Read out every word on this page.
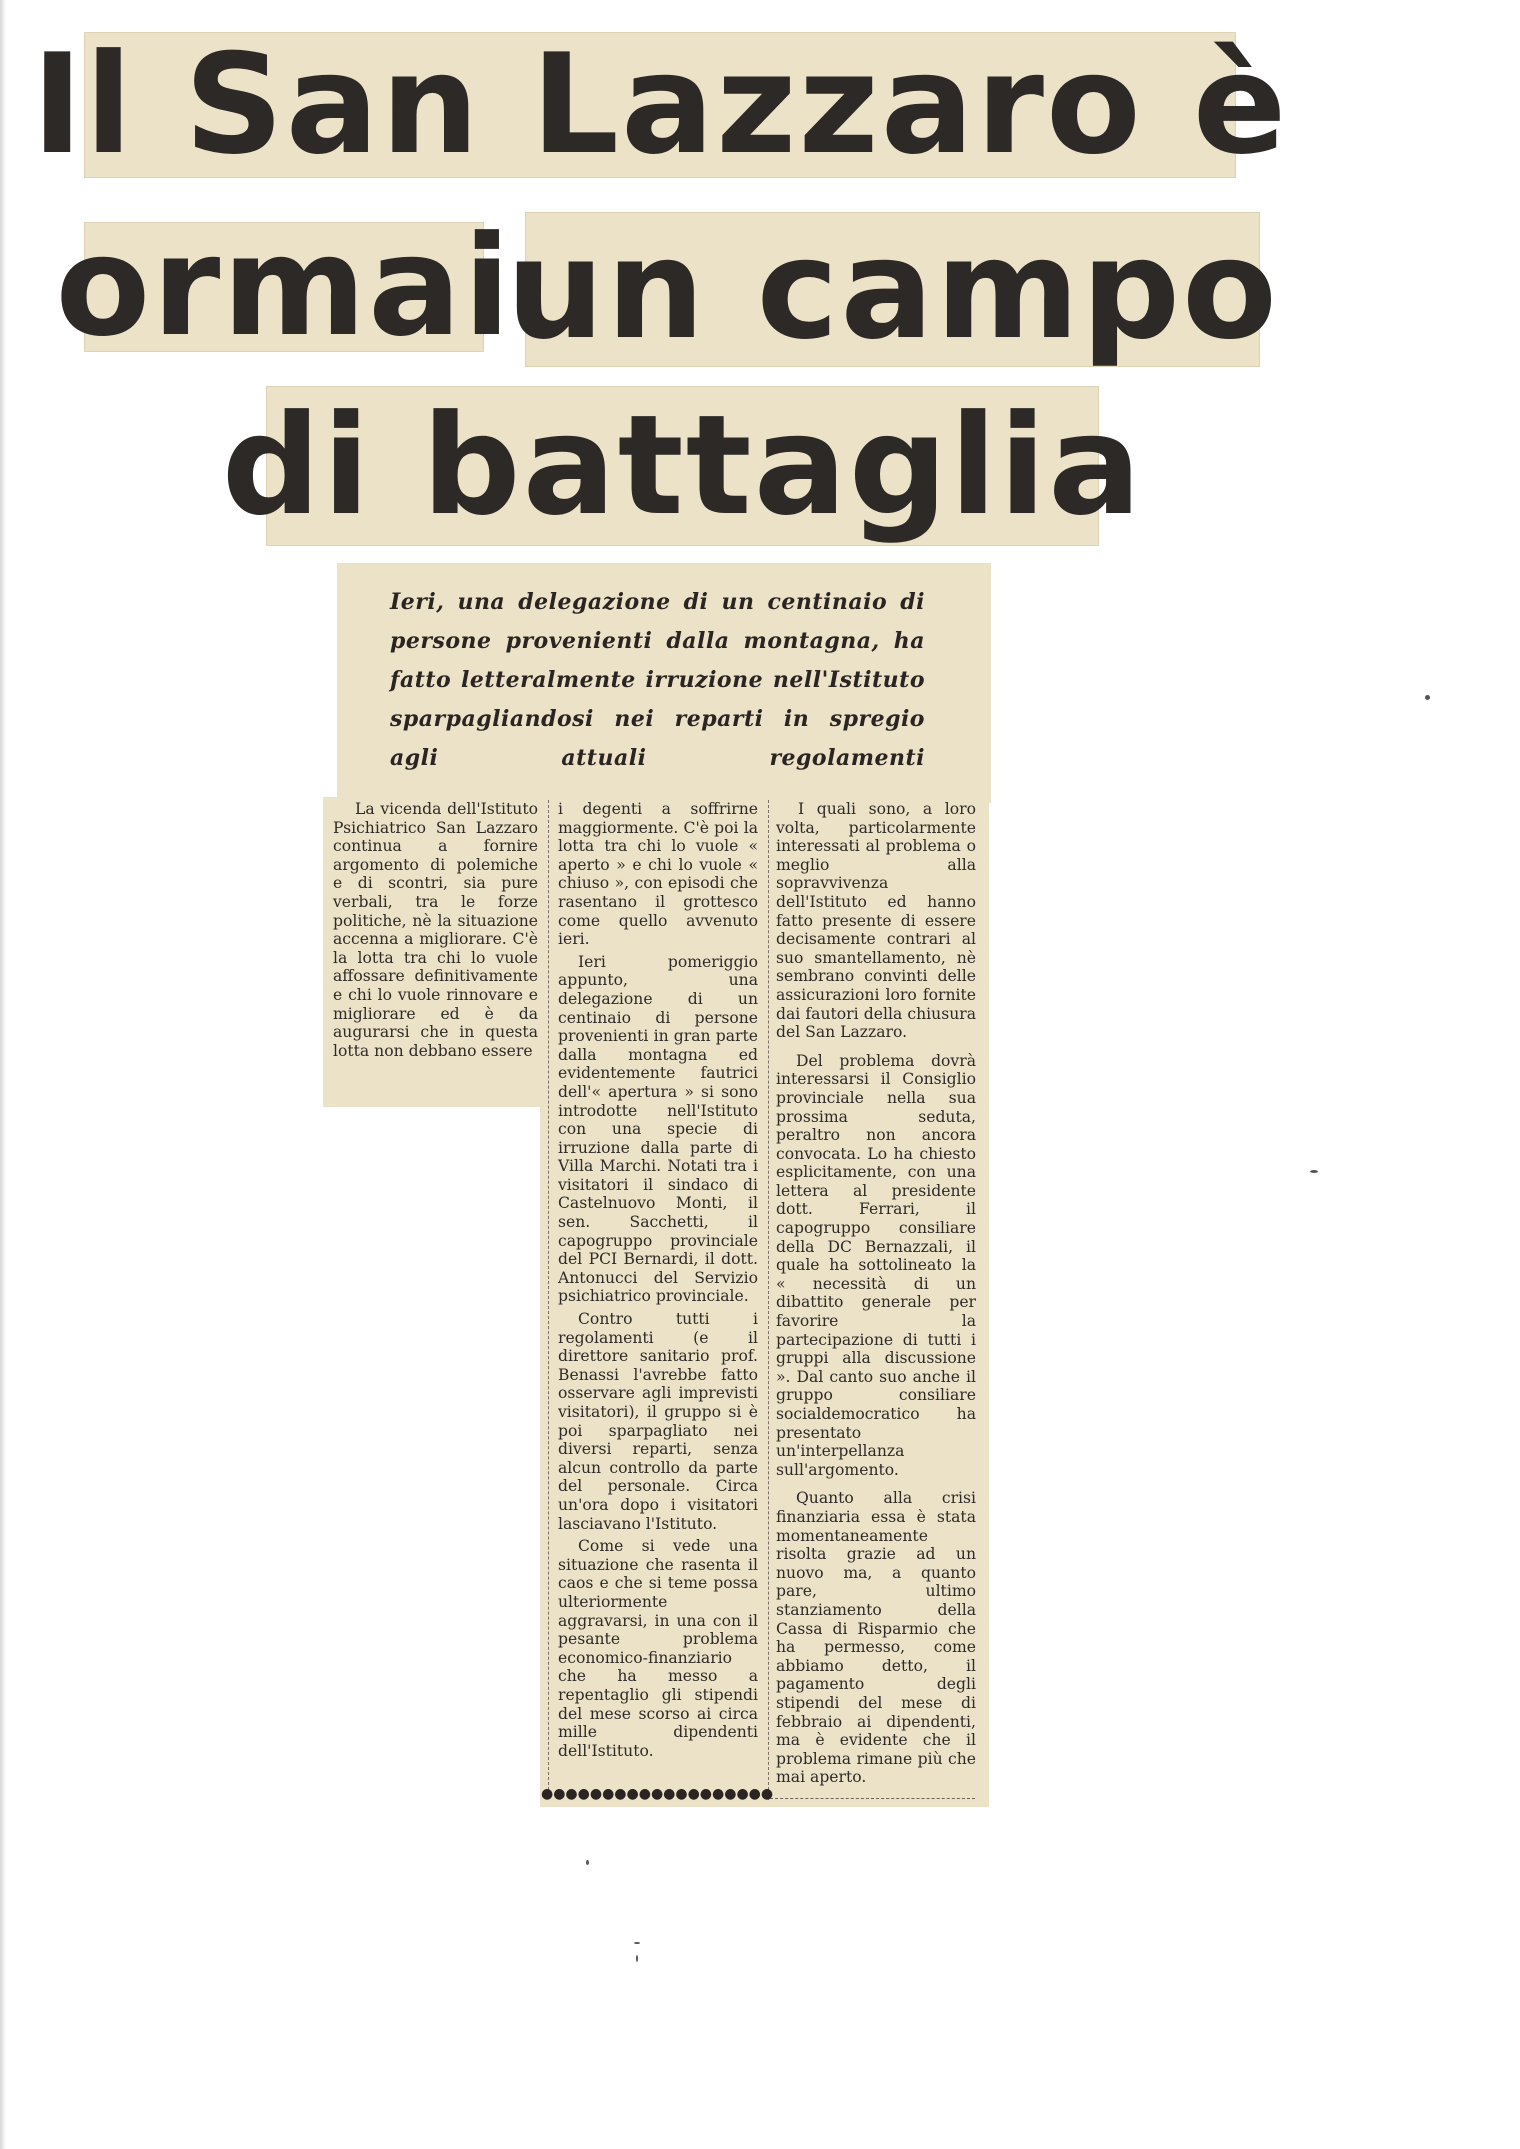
Il San Lazzaro è
ormai
un campo
di battaglia
Ieri, una delegazione di un centinaio di persone provenienti dalla montagna, ha fatto letteralmente irruzione nell'Istituto sparpagliandosi nei reparti in spregio agli attuali regolamenti

La vicenda dell'Istituto Psichiatrico San Lazzaro continua a fornire argomento di polemiche e di scontri, sia pure verbali, tra le forze politiche, nè la situazione accenna a migliorare. C'è la lotta tra chi lo vuole affossare definitivamente e chi lo vuole rinnovare e migliorare ed è da augurarsi che in questa lotta non debbano essere

i degenti a soffrirne maggiormente. C'è poi la lotta tra chi lo vuole « aperto » e chi lo vuole « chiuso », con episodi che rasentano il grottesco come quello avvenuto ieri.

Ieri pomeriggio appunto, una delegazione di un centinaio di persone provenienti in gran parte dalla montagna ed evidentemente fautrici dell'« apertura » si sono introdotte nell'Istituto con una specie di irruzione dalla parte di Villa Marchi. Notati tra i visitatori il sindaco di Castelnuovo Monti, il sen. Sacchetti, il capogruppo provinciale del PCI Bernardi, il dott. Antonucci del Servizio psichiatrico provinciale.

Contro tutti i regolamenti (e il direttore sanitario prof. Benassi l'avrebbe fatto osservare agli imprevisti visitatori), il gruppo si è poi sparpagliato nei diversi reparti, senza alcun controllo da parte del personale. Circa un'ora dopo i visitatori lasciavano l'Istituto.

Come si vede una situazione che rasenta il caos e che si teme possa ulteriormente aggravarsi, in una con il pesante problema economico-finanziario che ha messo a repentaglio gli stipendi del mese scorso ai circa mille dipendenti dell'Istituto.

I quali sono, a loro volta, particolarmente interessati al problema o meglio alla sopravvivenza dell'Istituto ed hanno fatto presente di essere decisamente contrari al suo smantellamento, nè sembrano convinti delle assicurazioni loro fornite dai fautori della chiusura del San Lazzaro.

Del problema dovrà interessarsi il Consiglio provinciale nella sua prossima seduta, peraltro non ancora convocata. Lo ha chiesto esplicitamente, con una lettera al presidente dott. Ferrari, il capogruppo consiliare della DC Bernazzali, il quale ha sottolineato la « necessità di un dibattito generale per favorire la partecipazione di tutti i gruppi alla discussione ». Dal canto suo anche il gruppo consiliare socialdemocratico ha presentato un'interpellanza sull'argomento.

Quanto alla crisi finanziaria essa è stata momentaneamente risolta grazie ad un nuovo ma, a quanto pare, ultimo stanziamento della Cassa di Risparmio che ha permesso, come abbiamo detto, il pagamento degli stipendi del mese di febbraio ai dipendenti, ma è evidente che il problema rimane più che mai aperto.

●●●●●●●●●●●●●●●●●●●
